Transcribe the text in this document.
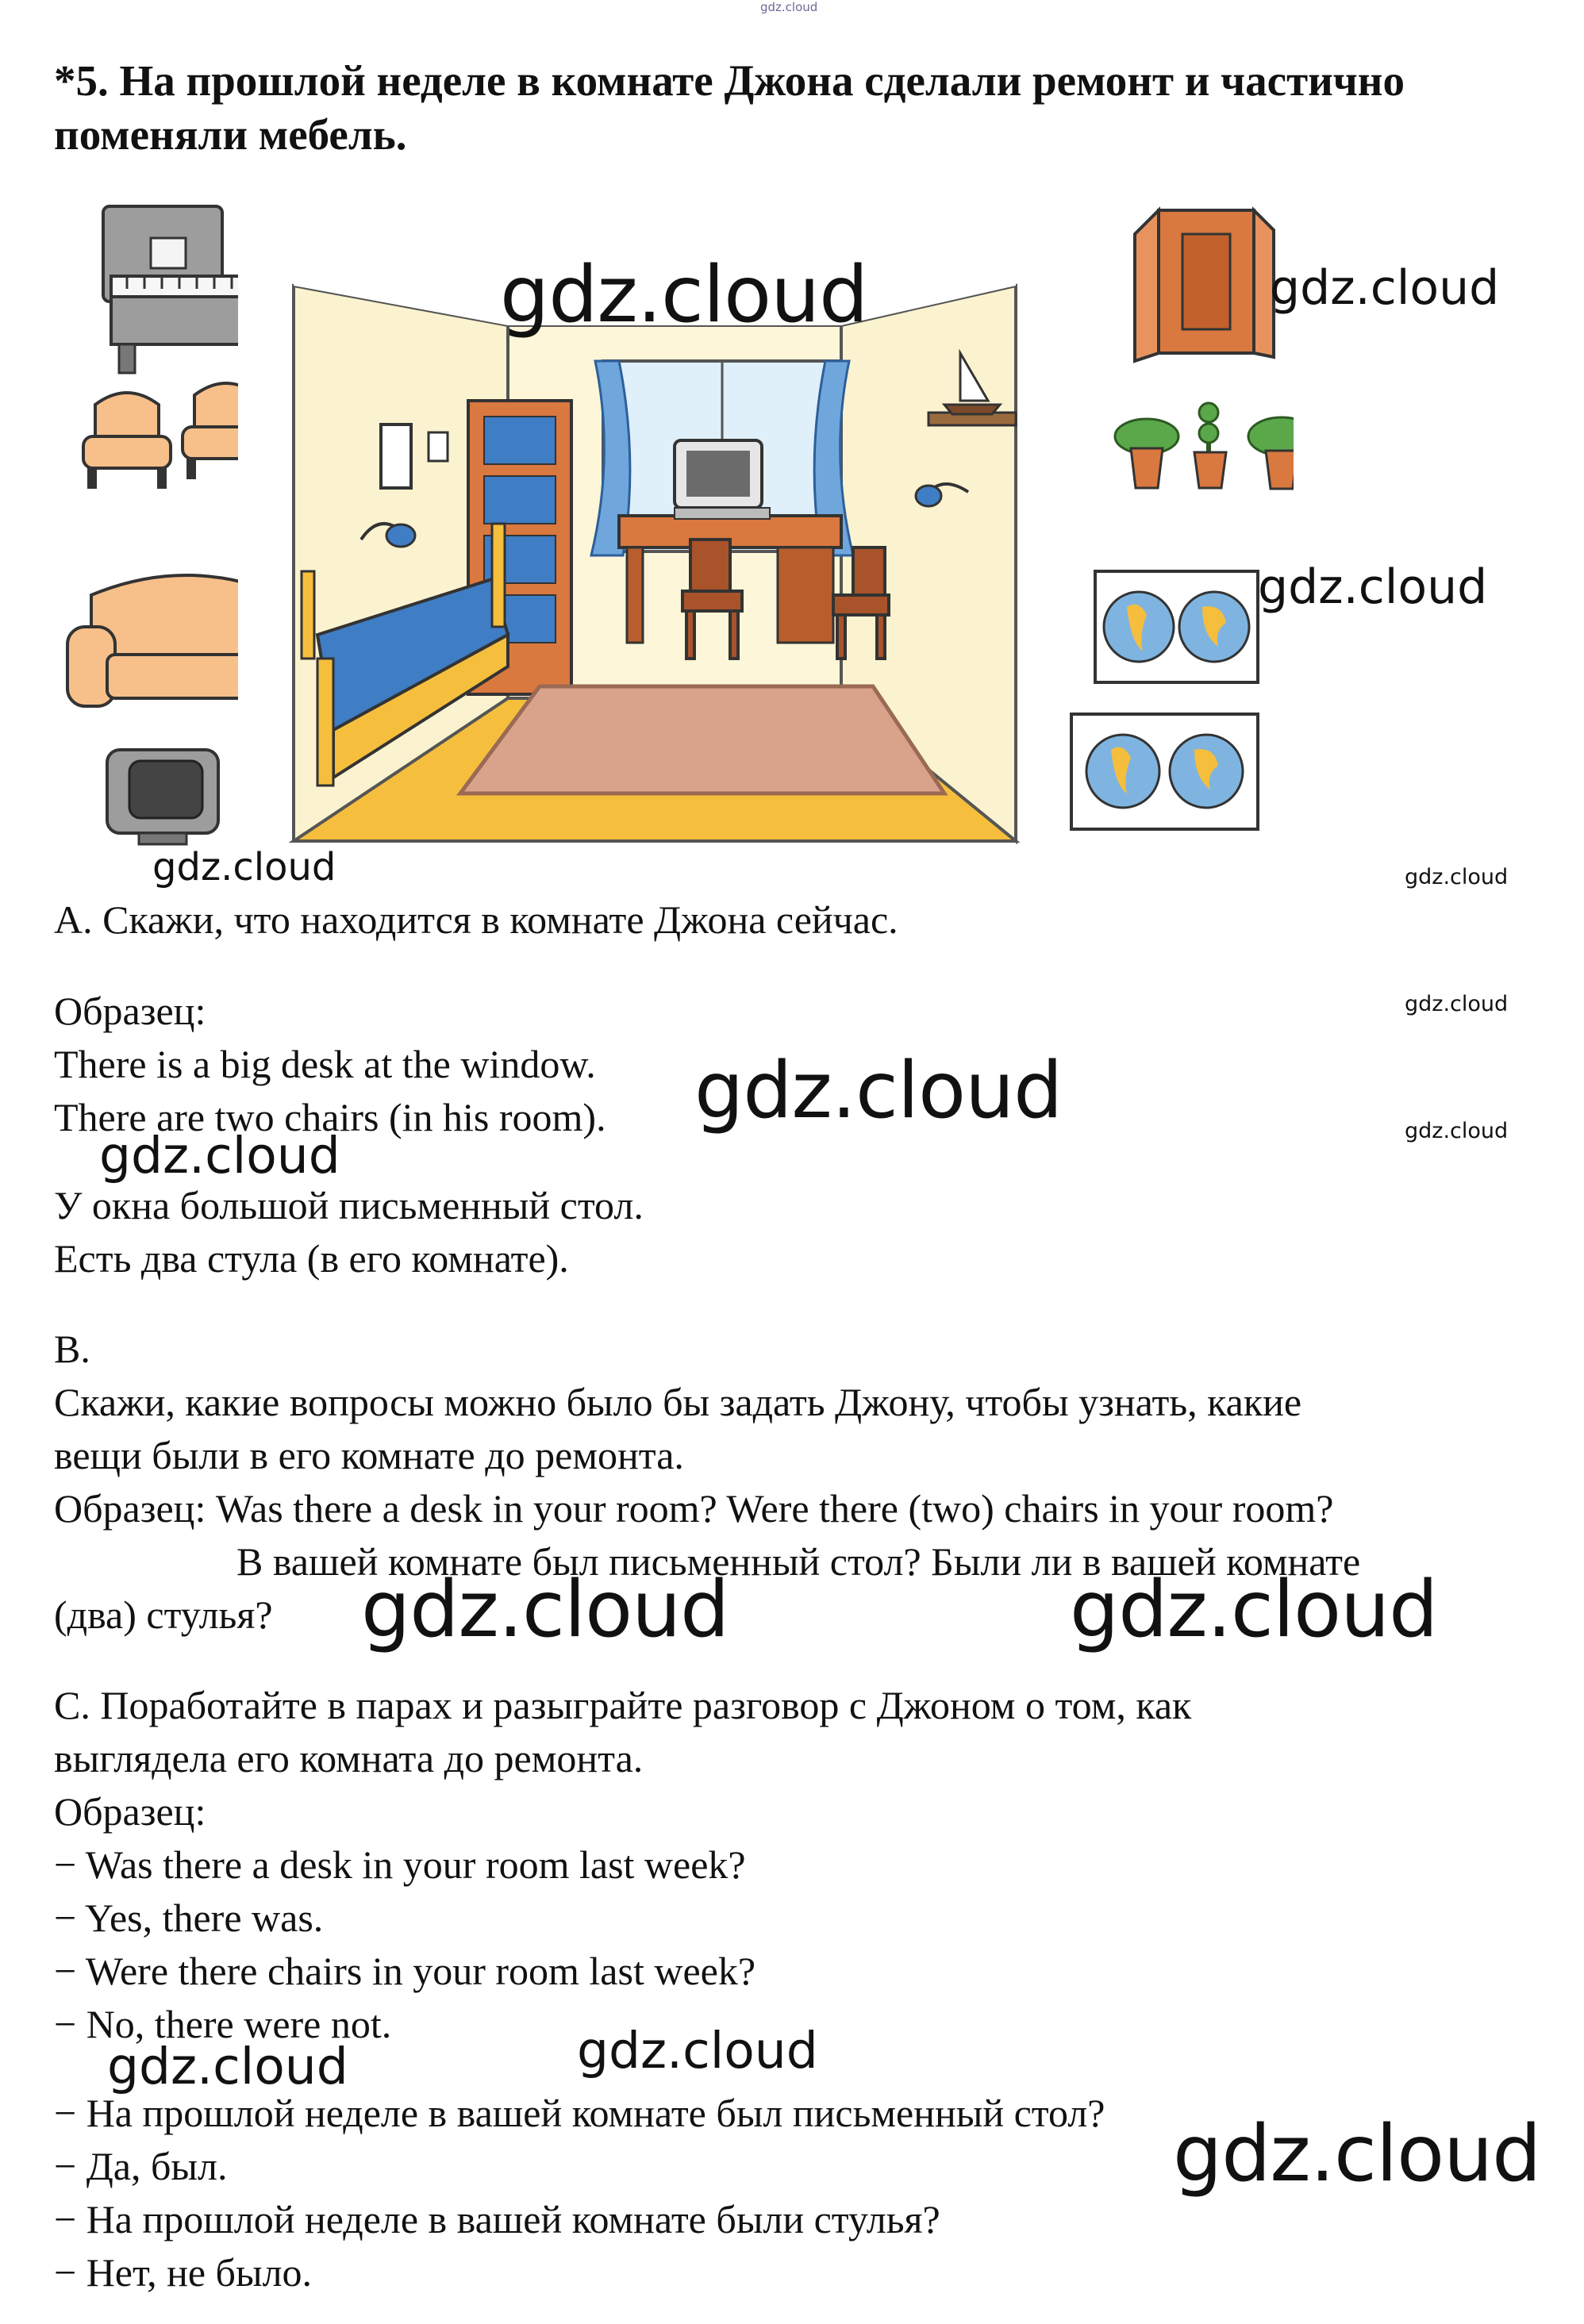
gdz.cloud
*5. На прошлой неделе в комнате Джона сделали ремонт и частично
поменяли мебель.
gdz.cloud	gdz.cloud
gdz.cloud
gdz.cloud	gdz.cloud
A. Скажи, что находится в комнате Джона сейчас.
Образец:	gdz.cloud
There is a big desk at the window.
There are two chairs (in his room). gdz.cloud	gdz.cloud
gdz.cloud
У окна большой письменный стол.
Есть два стула (в его комнате).
B.
Скажи, какие вопросы можно было бы задать Джону, чтобы узнать, какие
вещи были в его комнате до ремонта.
Образец: Was there a desk in your room? Were there (two) chairs in your room?
В вашей комнате был письменный стол? Были ли в вашей комнате
(два) стулья? gdz.cloud	gdz.cloud
C. Поработайте в парах и разыграйте разговор с Джоном о том, как
выглядела его комната до ремонта.
Образец:
− Was there a desk in your room last week?
− Yes, there was.
− Were there chairs in your room last week?
− No, there were not.
gdz.cloud	gdz.cloud
− На прошлой неделе в вашей комнате был письменный стол?
− Да, был.	gdz.cloud
− На прошлой неделе в вашей комнате были стулья?
− Нет, не было.
